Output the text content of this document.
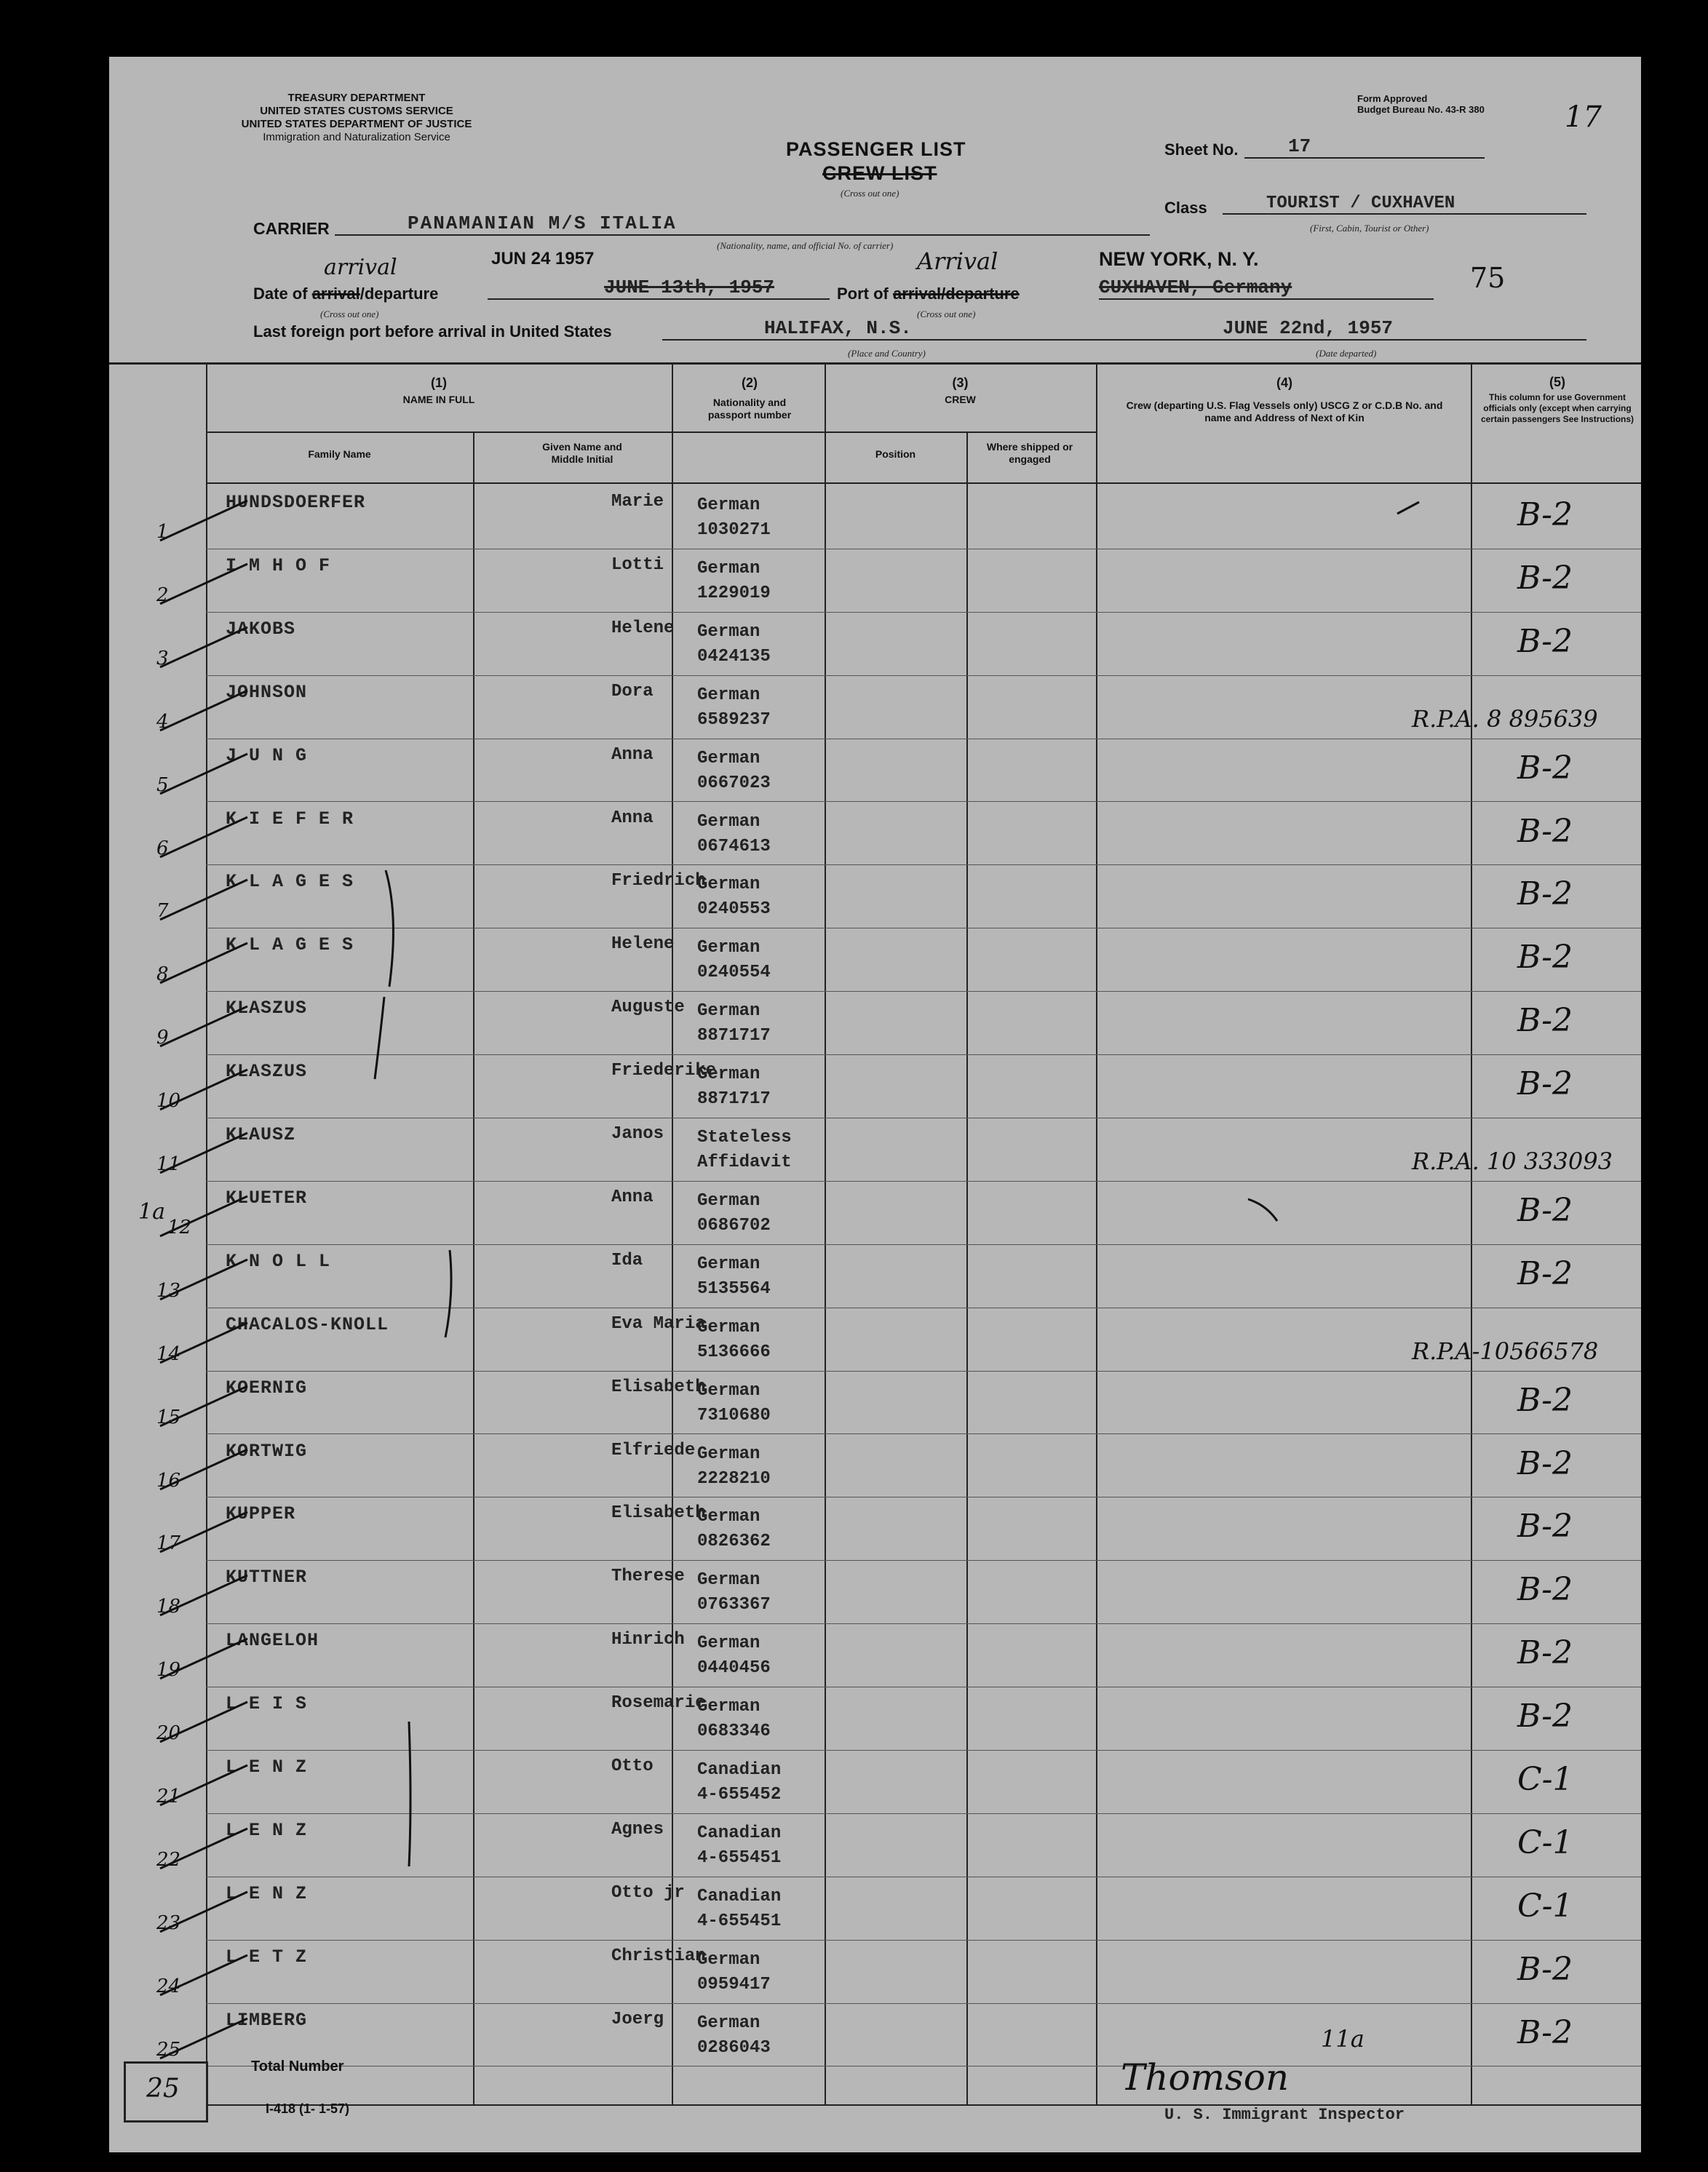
TREASURY DEPARTMENT
UNITED STATES CUSTOMS SERVICE
UNITED STATES DEPARTMENT OF JUSTICE
Immigration and Naturalization Service
Form Approved
Budget Bureau No. 43-R 380	17
PASSENGER LIST
CREW LIST
(Cross out one)
Sheet No.	17
Class	TOURIST / CUXHAVEN
(First, Cabin, Tourist or Other)
CARRIER	PANAMANIAN M/S ITALIA
(Nationality, name, and official No. of carrier)
arrival	JUN 24 1957
Date of arrival/departure
(Cross out one)
JUNE 13th, 1957
Arrival
Port of arrival/departure
(Cross out one)
NEW YORK, N. Y.
CUXHAVEN, Germany	75
Last foreign port before arrival in United States	HALIFAX, N.S.
(Place and Country)
JUNE 22nd, 1957
(Date departed)
(1)
NAME IN FULL
Family Name
Given Name and Middle Initial
(2)
Nationality and passport number
(3)
CREW
Position
Where shipped or engaged
(4)
Crew (departing U.S. Flag Vessels only) USCG Z or C.D.B No. and name and Address of Next of Kin
(5)
This column for use Government officials only (except when carrying certain passengers See Instructions)
1
HUNDSDOERFER	Marie German
1030271	B-2
2
I M H O F	Lotti German
1229019	B-2
3
JAKOBS	Helene German
0424135	B-2
4
JOHNSON	Dora	German
6589237	R.P.A. 8 895639
5
J U N G	Anna	German
0667023	B-2
6
K I E F E R	Anna	German
0674613	B-2
7
K L A G E S	Friedrich
German
0240553	B-2
8
K L A G E S	Helene German
0240554	B-2
9
KLASZUS	Auguste German
8871717	B-2
10
KLASZUS	Friederike
German
8871717	B-2
11
KLAUSZ	Janos Stateless
Affidavit	R.P.A. 10 333093
12
KLUETER	Anna	German
0686702	B-2
13
K N O L L	Ida	German
5135564	B-2
14
CHACALOS-KNOLL	Eva Maria
German
5136666	R.P.A-10566578
15
KOERNIG	Elisabeth
German
7310680	B-2
16
KORTWIG	Elfriede German
2228210	B-2
17
KUPPER	Elisabeth
German
0826362	B-2
18
KUTTNER	Therese German
0763367	B-2
19
LANGELOH	Hinrich German
0440456	B-2
20
L E I S	Rosemarie
German
0683346	B-2
21
L E N Z	Otto	Canadian
4-655452	C-1
22
L E N Z	Agnes Canadian
4-655451	C-1
23
L E N Z	Otto jr Canadian
4-655451	C-1
24
L E T Z	Christian
German
0959417	B-2
25
LIMBERG	Joerg German
0286043	B-2
1a
11a
25
Total Number
I-418 (1- 1-57)
Thomson
U. S. Immigrant Inspector
